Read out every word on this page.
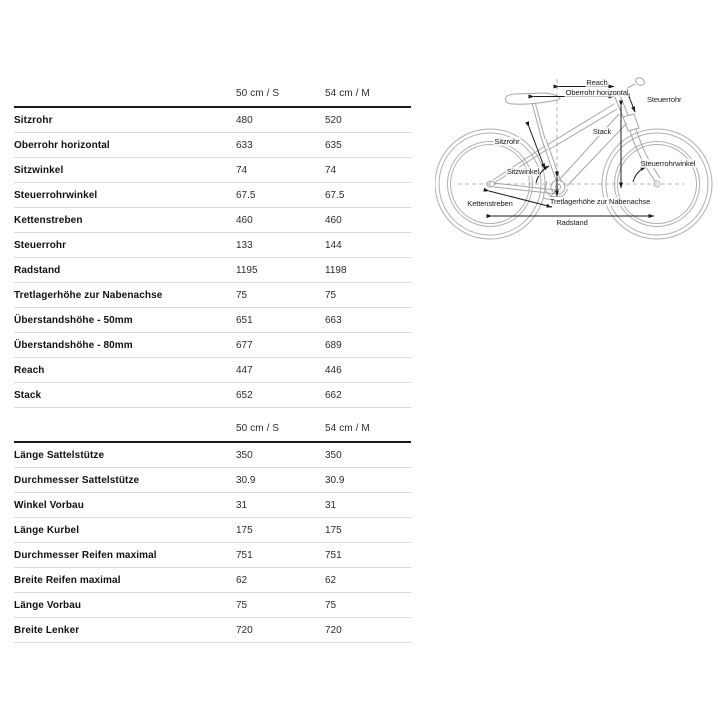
50 cm / S	54 cm / M
Sitzrohr	480	520
Oberrohr horizontal	633	635
Sitzwinkel	74	74
Steuerrohrwinkel	67.5	67.5
Kettenstreben	460	460
Steuerrohr	133	144
Radstand	1195	1198
Tretlagerhöhe zur Nabenachse	75	75
Überstandshöhe - 50mm	651	663
Überstandshöhe - 80mm	677	689
Reach	447	446
Stack	652	662
50 cm / S	54 cm / M
Länge Sattelstütze	350	350
Durchmesser Sattelstütze	30.9	30.9
Winkel Vorbau	31	31
Länge Kurbel	175	175
Durchmesser Reifen maximal	751	751
Breite Reifen maximal	62	62
Länge Vorbau	75	75
Breite Lenker	720	720
Reach
Oberrohr horizontal
Steuerrohr
Stack
Sitzrohr
Sitzwinkel
Steuerrohrwinkel
Kettenstreben	Tretlagerhöhe zur Nabenachse
Radstand
